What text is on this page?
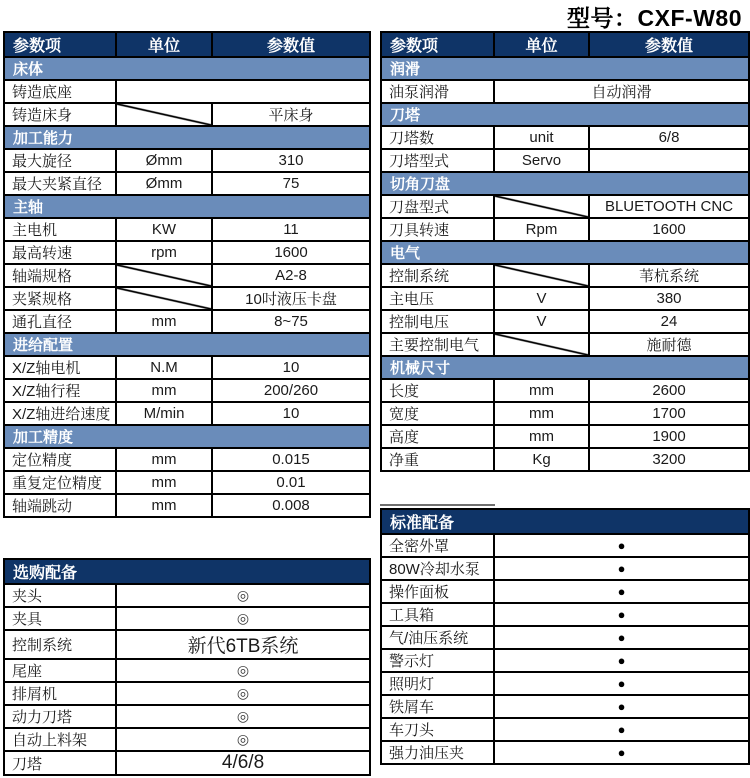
型号：CXF-W80
参数项	单位	参数值
床体		
铸造底座		
铸造床身		平床身
加工能力		
最大旋径	Ømm	310
最大夹紧直径	Ømm	75
主轴		
主电机	KW	11
最高转速	rpm	1600
轴端规格		A2-8
夹紧规格		10吋液压卡盘
通孔直径	mm	8~75
进给配置		
X/Z轴电机	N.M	10
X/Z轴行程	mm	200/260
X/Z轴进给速度	M/min	10
加工精度		
定位精度	mm	0.015
重复定位精度	mm	0.01
轴端跳动	mm	0.008
参数项	单位	参数值
润滑		
油泵润滑	自动润滑	
刀塔		
刀塔数	unit	6/8
刀塔型式	Servo	
切角刀盘		
刀盘型式		BLUETOOTH CNC
刀具转速	Rpm	1600
电气		
控制系统		苇杭系统
主电压	V	380
控制电压	V	24
主要控制电气		施耐德
机械尺寸		
长度	mm	2600
宽度	mm	1700
高度	mm	1900
净重	Kg	3200
选购配备	
夹头	◎
夹具	◎
控制系统	新代6TB系统
尾座	◎
排屑机	◎
动力刀塔	◎
自动上料架	◎
刀塔	4/6/8
标准配备	
全密外罩	●
80W冷却水泵	●
操作面板	●
工具箱	●
气/油压系统	●
警示灯	●
照明灯	●
铁屑车	●
车刀头	●
强力油压夹	●
